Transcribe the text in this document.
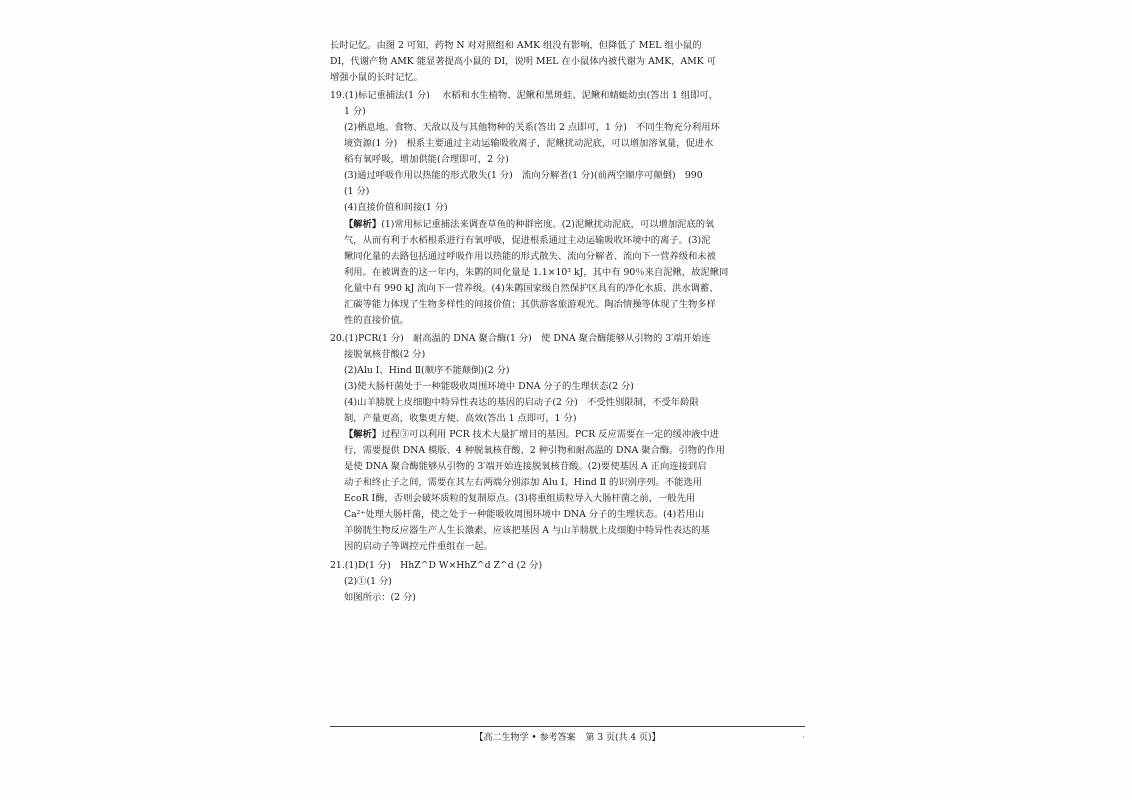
长时记忆。由图 2 可知，药物 N 对对照组和 AMK 组没有影响，但降低了 MEL 组小鼠的

DI，代谢产物 AMK 能显著提高小鼠的 DI，说明 MEL 在小鼠体内被代谢为 AMK，AMK 可

增强小鼠的长时记忆。

19.(1)标记重捕法(1 分)　 水稻和水生植物、泥鳅和黑斑蛙、泥鳅和蜻蜓幼虫(答出 1 组即可，

1 分)

(2)栖息地、食物、天敌以及与其他物种的关系(答出 2 点即可，1 分)　不同生物充分利用环

境资源(1 分)　根系主要通过主动运输吸收离子，泥鳅扰动泥底，可以增加溶氧量，促进水

稻有氧呼吸，增加供能(合理即可，2 分)

(3)通过呼吸作用以热能的形式散失(1 分)　流向分解者(1 分)(前两空顺序可颠倒)　990

(1 分)

(4)直接价值和间接(1 分)

【解析】(1)常用标记重捕法来调查草鱼的种群密度。(2)泥鳅扰动泥底，可以增加泥底的氧

气，从而有利于水稻根系进行有氧呼吸，促进根系通过主动运输吸收环境中的离子。(3)泥

鳅同化量的去路包括通过呼吸作用以热能的形式散失、流向分解者、流向下一营养级和未被

利用。在被调查的这一年内，朱鹮的同化量是 1.1×10³ kJ，其中有 90％来自泥鳅，故泥鳅同

化量中有 990 kJ 流向下一营养级。(4)朱鹮国家级自然保护区具有的净化水质、洪水调蓄、

汇碳等能力体现了生物多样性的间接价值；其供游客旅游观光、陶冶情操等体现了生物多样

性的直接价值。

20.(1)PCR(1 分)　耐高温的 DNA 聚合酶(1 分)　使 DNA 聚合酶能够从引物的 3′端开始连

接脱氧核苷酸(2 分)

(2)Alu Ⅰ、Hind Ⅱ(顺序不能颠倒)(2 分)

(3)使大肠杆菌处于一种能吸收周围环境中 DNA 分子的生理状态(2 分)

(4)山羊膀胱上皮细胞中特异性表达的基因的启动子(2 分)　不受性别限制，不受年龄限

制，产量更高，收集更方便、高效(答出 1 点即可，1 分)

【解析】过程③可以利用 PCR 技术大量扩增目的基因。PCR 反应需要在一定的缓冲液中进

行，需要提供 DNA 模版、4 种脱氧核苷酸、2 种引物和耐高温的 DNA 聚合酶。引物的作用

是使 DNA 聚合酶能够从引物的 3′端开始连接脱氧核苷酸。(2)要使基因 A 正向连接到启

动子和终止子之间，需要在其左右两端分别添加 Alu Ⅰ、Hind Ⅱ 的识别序列。不能选用

EcoR Ⅰ酶，否则会破坏质粒的复制原点。(3)将重组质粒导入大肠杆菌之前，一般先用

Ca²⁺处理大肠杆菌，使之处于一种能吸收周围环境中 DNA 分子的生理状态。(4)若用山

羊膀胱生物反应器生产人生长激素，应该把基因 A 与山羊膀胱上皮细胞中特异性表达的基

因的启动子等调控元件重组在一起。

21.(1)D(1 分)　HhZ^D W×HhZ^d Z^d (2 分)

(2)①(1 分)

如图所示：(2 分)

【高二生物学 • 参考答案 第 3 页(共 4 页)】	·
